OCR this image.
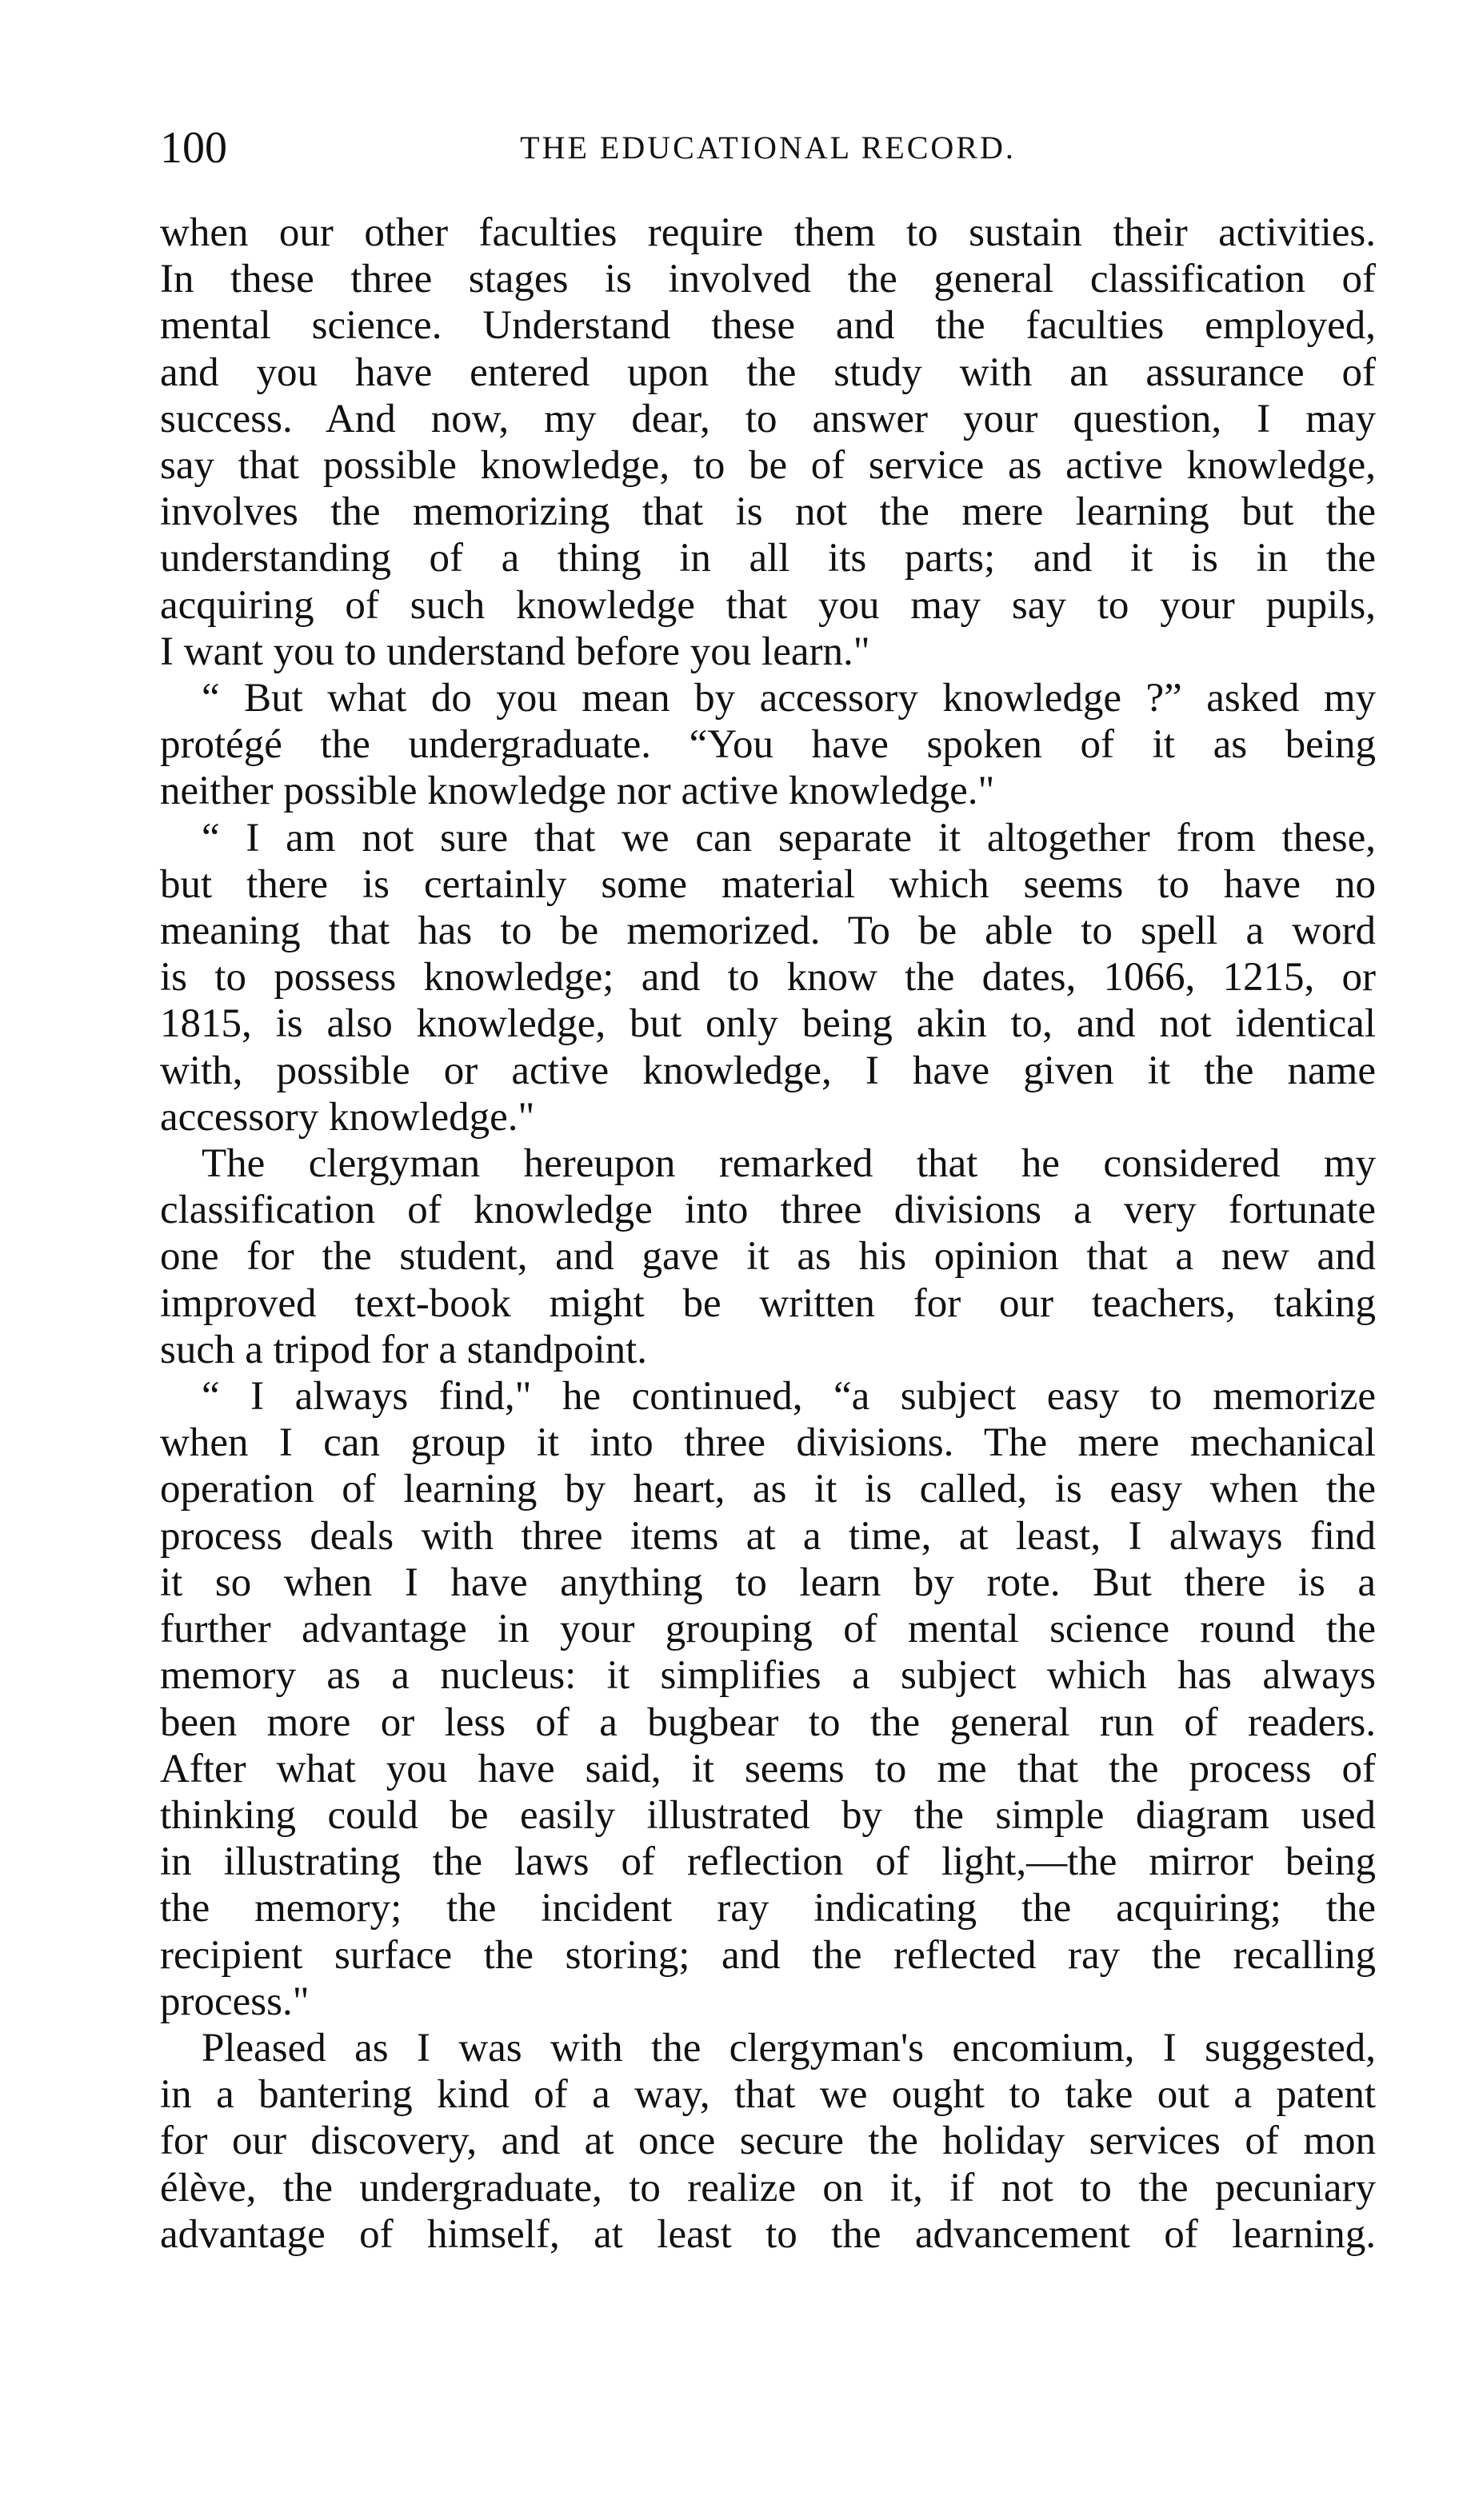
100	THE EDUCATIONAL RECORD.
when our other faculties require them to sustain their activities.
In these three stages is involved the general classification of
mental science. Understand these and the faculties employed,
and you have entered upon the study with an assurance of
success. And now, my dear, to answer your question, I may
say that possible knowledge, to be of service as active knowledge,
involves the memorizing that is not the mere learning but the
understanding of a thing in all its parts; and it is in the
acquiring of such knowledge that you may say to your pupils,
I want you to understand before you learn."
“ But what do you mean by accessory knowledge ?” asked my
protégé the undergraduate. “You have spoken of it as being
neither possible knowledge nor active knowledge."
“ I am not sure that we can separate it altogether from these,
but there is certainly some material which seems to have no
meaning that has to be memorized. To be able to spell a word
is to possess knowledge; and to know the dates, 1066, 1215, or
1815, is also knowledge, but only being akin to, and not identical
with, possible or active knowledge, I have given it the name
accessory knowledge."
The clergyman hereupon remarked that he considered my
classification of knowledge into three divisions a very fortunate
one for the student, and gave it as his opinion that a new and
improved text-book might be written for our teachers, taking
such a tripod for a standpoint.
“ I always find," he continued, “a subject easy to memorize
when I can group it into three divisions. The mere mechanical
operation of learning by heart, as it is called, is easy when the
process deals with three items at a time, at least, I always find
it so when I have anything to learn by rote. But there is a
further advantage in your grouping of mental science round the
memory as a nucleus: it simplifies a subject which has always
been more or less of a bugbear to the general run of readers.
After what you have said, it seems to me that the process of
thinking could be easily illustrated by the simple diagram used
in illustrating the laws of reflection of light,—the mirror being
the memory; the incident ray indicating the acquiring; the
recipient surface the storing; and the reflected ray the recalling
process."
Pleased as I was with the clergyman's encomium, I suggested,
in a bantering kind of a way, that we ought to take out a patent
for our discovery, and at once secure the holiday services of mon
élève, the undergraduate, to realize on it, if not to the pecuniary
advantage of himself, at least to the advancement of learning.
